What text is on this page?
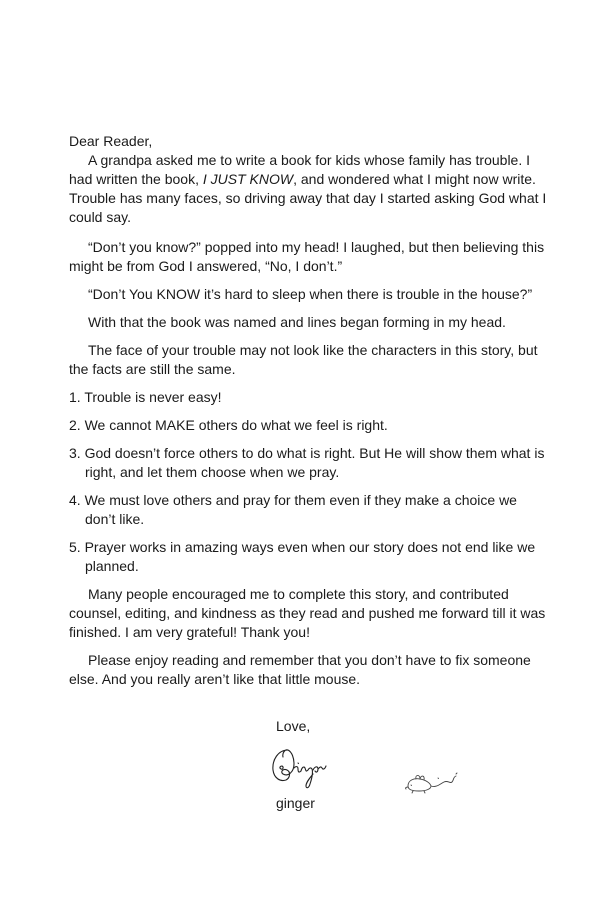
Dear Reader,

A grandpa asked me to write a book for kids whose family has trouble. I had written the book, I JUST KNOW, and wondered what I might now write. Trouble has many faces, so driving away that day I started asking God what I could say.

“Don’t you know?” popped into my head! I laughed, but then believing this might be from God I answered, “No, I don’t.”

“Don’t You KNOW it’s hard to sleep when there is trouble in the house?”

With that the book was named and lines began forming in my head.

The face of your trouble may not look like the characters in this story, but the facts are still the same.

1. Trouble is never easy!

2. We cannot MAKE others do what we feel is right.

3. God doesn’t force others to do what is right. But He will show them what is right, and let them choose when we pray.

4. We must love others and pray for them even if they make a choice we don’t like.

5. Prayer works in amazing ways even when our story does not end like we planned.

Many people encouraged me to complete this story, and contributed counsel, editing, and kindness as they read and pushed me forward till it was finished. I am very grateful! Thank you!

Please enjoy reading and remember that you don’t have to fix someone else. And you really aren’t like that little mouse.

Love,
ginger
